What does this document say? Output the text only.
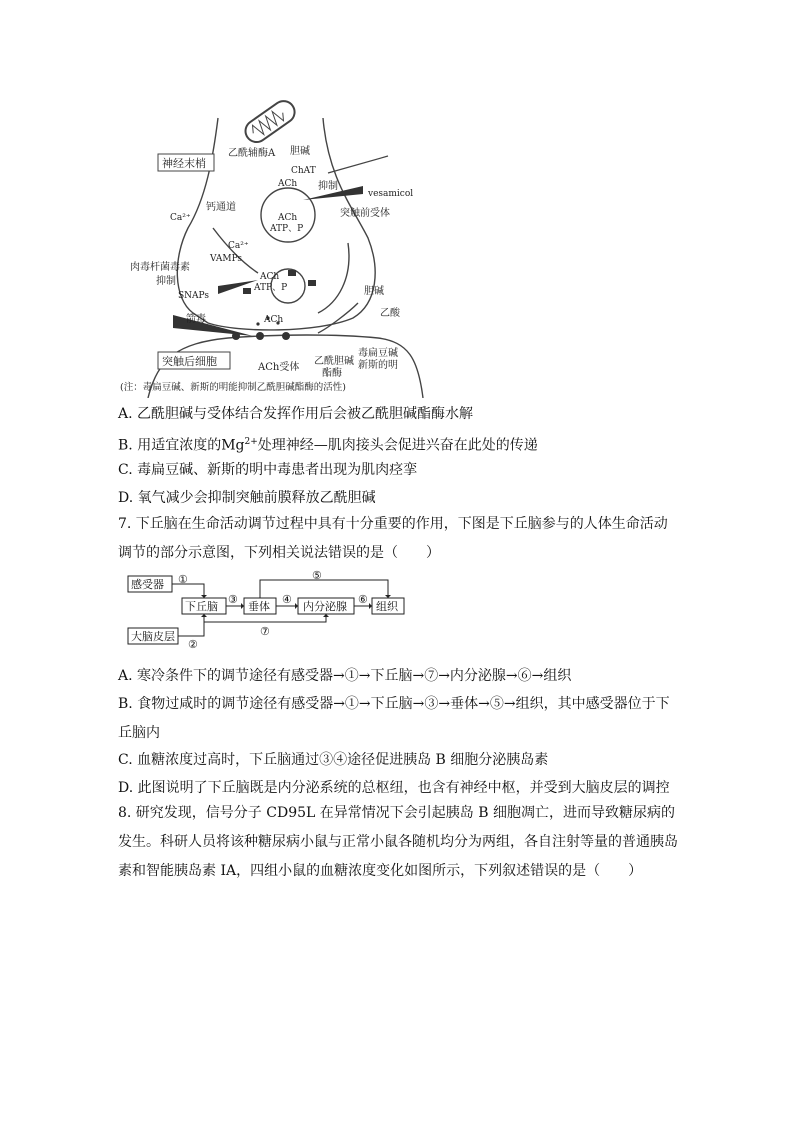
神经末梢
突触后细胞
乙酰辅酶A 胆碱
ChAT
ACh 抑制
vesamicol
ACh
ATP、P
突触前受体
Ca²⁺
钙通道
Ca²⁺
VAMPs
肉毒杆菌毒素
抑制
SNAPs
ACh
ATP、P
ACh
胆碱
乙酸
箭毒
ACh受体
乙酰胆碱
酯酶
毒扁豆碱
新斯的明
(注：毒扁豆碱、新斯的明能抑制乙酰胆碱酯酶的活性)
A. 乙酰胆碱与受体结合发挥作用后会被乙酰胆碱酯酶水解
B. 用适宜浓度的$Mg^{2+}$处理神经—肌肉接头会促进兴奋在此处的传递
C. 毒扁豆碱、新斯的明中毒患者出现为肌肉痉挛
D. 氧气减少会抑制突触前膜释放乙酰胆碱
7. 下丘脑在生命活动调节过程中具有十分重要的作用，下图是下丘脑参与的人体生命活动调节的部分示意图，下列相关说法错误的是（　　）
感受器
大脑皮层
下丘脑	垂体	内分泌腺	组织
①
②
③	④
⑤
⑥
⑦
A. 寒冷条件下的调节途径有感受器→①→下丘脑→⑦→内分泌腺→⑥→组织
B. 食物过咸时的调节途径有感受器→①→下丘脑→③→垂体→⑤→组织，其中感受器位于下丘脑内
C. 血糖浓度过高时，下丘脑通过③④途径促进胰岛 B 细胞分泌胰岛素
D. 此图说明了下丘脑既是内分泌系统的总枢纽，也含有神经中枢，并受到大脑皮层的调控
8. 研究发现，信号分子 CD95L 在异常情况下会引起胰岛 B 细胞凋亡，进而导致糖尿病的发生。科研人员将该种糖尿病小鼠与正常小鼠各随机均分为两组，各自注射等量的普通胰岛素和智能胰岛素 IA，四组小鼠的血糖浓度变化如图所示，下列叙述错误的是（　　）
